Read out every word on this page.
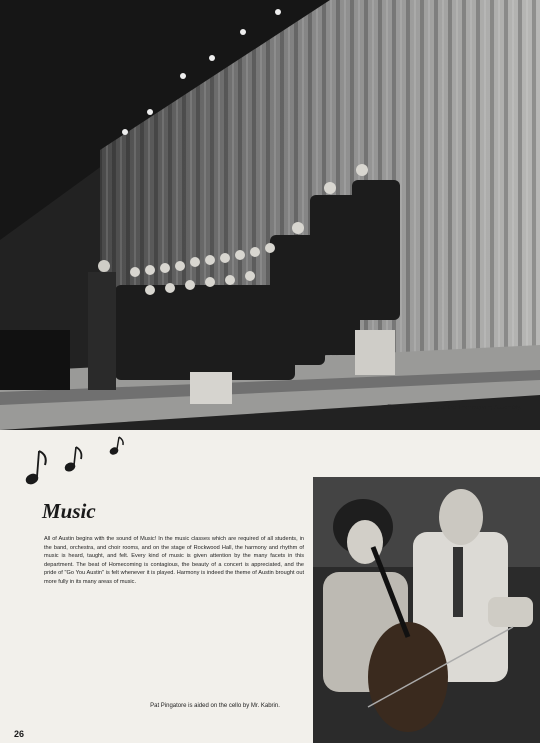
The Choir performs at the Thanksgiving Assembly.
Music

All of Austin begins with the sound of Music! In the music classes which are required of all students, in the band, orchestra, and choir rooms, and on the stage of Rockwood Hall, the harmony and rhythm of music is heard, taught, and felt. Every kind of music is given attention by the many facets in this department. The beat of Homecoming is contagious, the beauty of a concert is appreciated, and the pride of "Go You Austin" is felt whenever it is played. Harmony is indeed the theme of Austin brought out more fully in its many areas of music.

Pat Pingatore is aided on the cello by Mr. Kabrin.
26
